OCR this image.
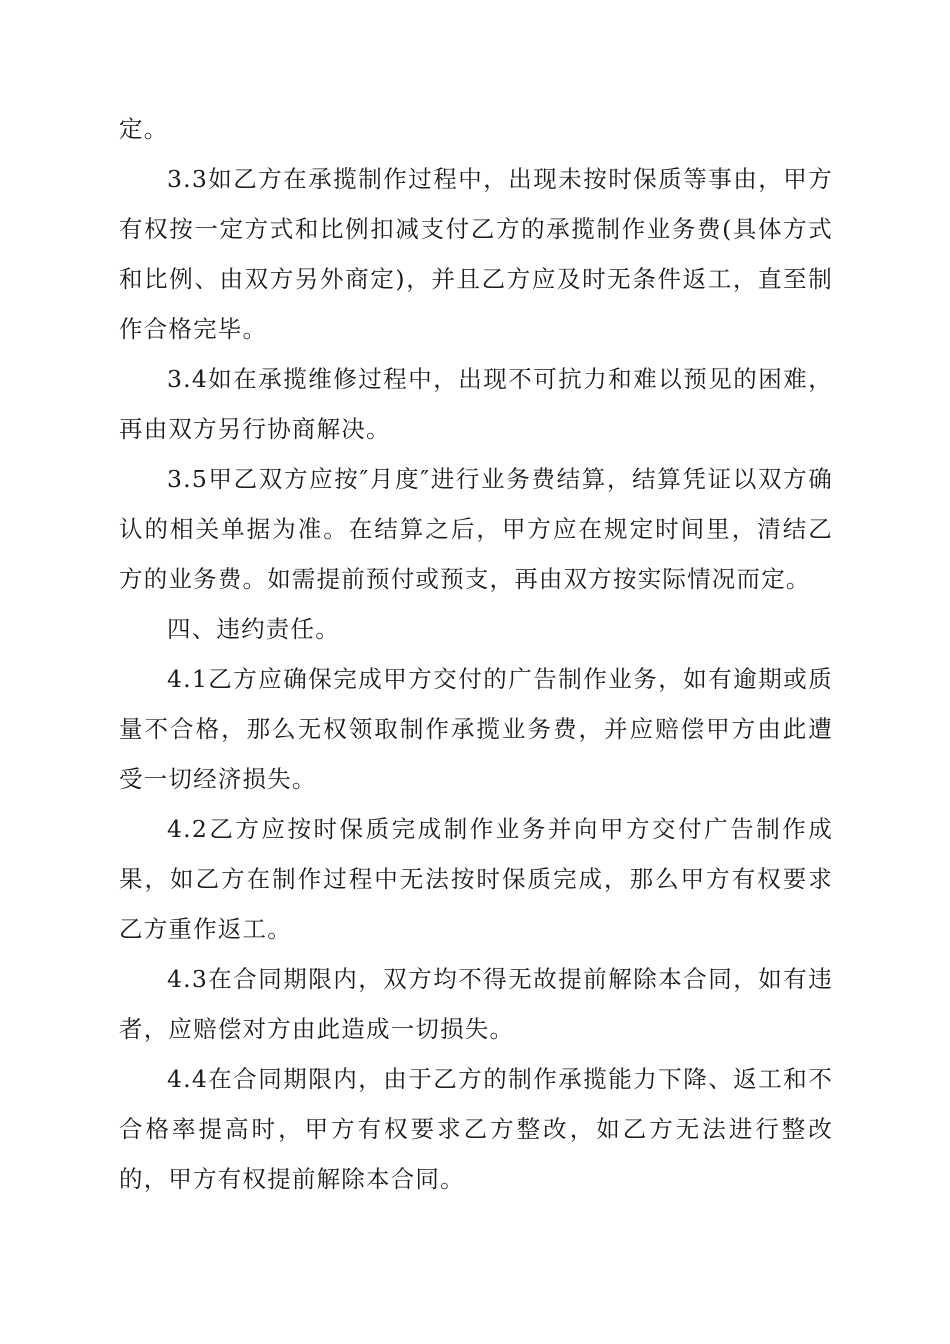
定。

3.3如乙方在承揽制作过程中，出现未按时保质等事由，甲方有权按一定方式和比例扣减支付乙方的承揽制作业务费(具体方式和比例、由双方另外商定)，并且乙方应及时无条件返工，直至制作合格完毕。

3.4如在承揽维修过程中，出现不可抗力和难以预见的困难，再由双方另行协商解决。

3.5甲乙双方应按″月度″进行业务费结算，结算凭证以双方确认的相关单据为准。在结算之后，甲方应在规定时间里，清结乙方的业务费。如需提前预付或预支，再由双方按实际情况而定。

四、违约责任。

4.1乙方应确保完成甲方交付的广告制作业务，如有逾期或质量不合格，那么无权领取制作承揽业务费，并应赔偿甲方由此遭受一切经济损失。

4.2乙方应按时保质完成制作业务并向甲方交付广告制作成果，如乙方在制作过程中无法按时保质完成，那么甲方有权要求乙方重作返工。

4.3在合同期限内，双方均不得无故提前解除本合同，如有违者，应赔偿对方由此造成一切损失。

4.4在合同期限内，由于乙方的制作承揽能力下降、返工和不合格率提高时，甲方有权要求乙方整改，如乙方无法进行整改的，甲方有权提前解除本合同。
